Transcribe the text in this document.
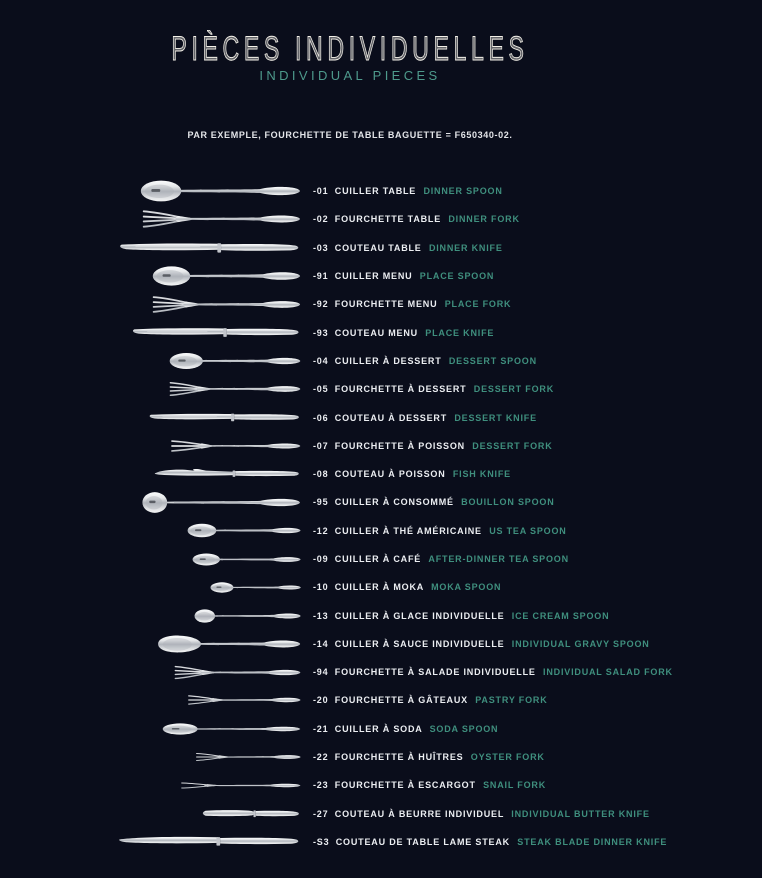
PIÈCES INDIVIDUELLES
INDIVIDUAL PIECES

PAR EXEMPLE, FOURCHETTE DE TABLE BAGUETTE = F650340-02.

-01 CUILLER TABLE DINNER SPOON
-02 FOURCHETTE TABLE DINNER FORK
-03 COUTEAU TABLE DINNER KNIFE
-91 CUILLER MENU PLACE SPOON
-92 FOURCHETTE MENU PLACE FORK
-93 COUTEAU MENU PLACE KNIFE
-04 CUILLER À DESSERT DESSERT SPOON
-05 FOURCHETTE À DESSERT DESSERT FORK
-06 COUTEAU À DESSERT DESSERT KNIFE
-07 FOURCHETTE À POISSON DESSERT FORK
-08 COUTEAU À POISSON FISH KNIFE
-95 CUILLER À CONSOMMÉ BOUILLON SPOON
-12 CUILLER À THÉ AMÉRICAINE US TEA SPOON
-09 CUILLER À CAFÉ AFTER-DINNER TEA SPOON
-10 CUILLER À MOKA MOKA SPOON
-13 CUILLER À GLACE INDIVIDUELLE ICE CREAM SPOON
-14 CUILLER À SAUCE INDIVIDUELLE INDIVIDUAL GRAVY SPOON
-94 FOURCHETTE À SALADE INDIVIDUELLE INDIVIDUAL SALAD FORK
-20 FOURCHETTE À GÂTEAUX PASTRY FORK
-21 CUILLER À SODA SODA SPOON
-22 FOURCHETTE À HUÎTRES OYSTER FORK
-23 FOURCHETTE À ESCARGOT SNAIL FORK
-27 COUTEAU À BEURRE INDIVIDUEL INDIVIDUAL BUTTER KNIFE
-S3 COUTEAU DE TABLE LAME STEAK STEAK BLADE DINNER KNIFE
